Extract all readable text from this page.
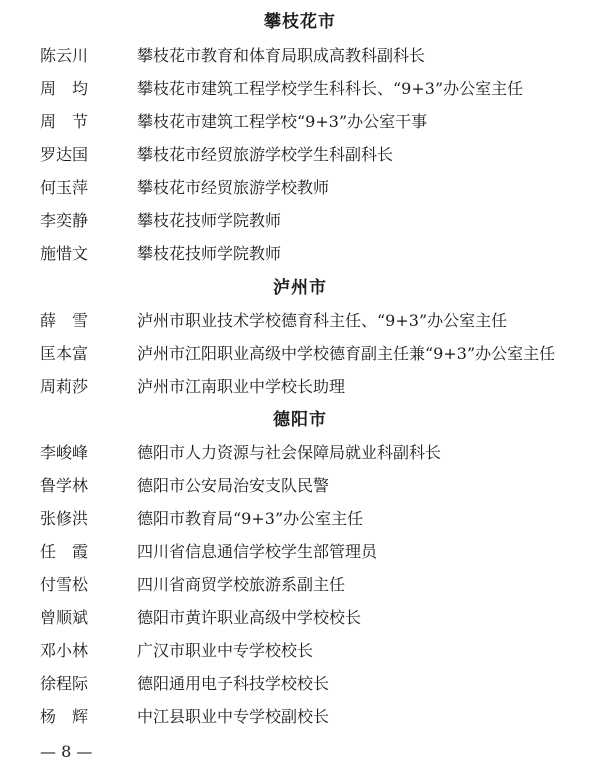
攀枝花市
陈云川	攀枝花市教育和体育局职成高教科副科长
周　均	攀枝花市建筑工程学校学生科科长、“9+3”办公室主任
周　节	攀枝花市建筑工程学校“9+3”办公室干事
罗达国	攀枝花市经贸旅游学校学生科副科长
何玉萍	攀枝花市经贸旅游学校教师
李奕静	攀枝花技师学院教师
施惜文	攀枝花技师学院教师
泸州市
薛　雪	泸州市职业技术学校德育科主任、“9+3”办公室主任
匡本富	泸州市江阳职业高级中学校德育副主任兼“9+3”办公室主任
周莉莎	泸州市江南职业中学校长助理
德阳市
李峻峰	德阳市人力资源与社会保障局就业科副科长
鲁学林	德阳市公安局治安支队民警
张修洪	德阳市教育局“9+3”办公室主任
任　霞	四川省信息通信学校学生部管理员
付雪松	四川省商贸学校旅游系副主任
曾顺斌	德阳市黄许职业高级中学校校长
邓小林	广汉市职业中专学校校长
徐程际	德阳通用电子科技学校校长
杨　辉	中江县职业中专学校副校长
— 8 —
